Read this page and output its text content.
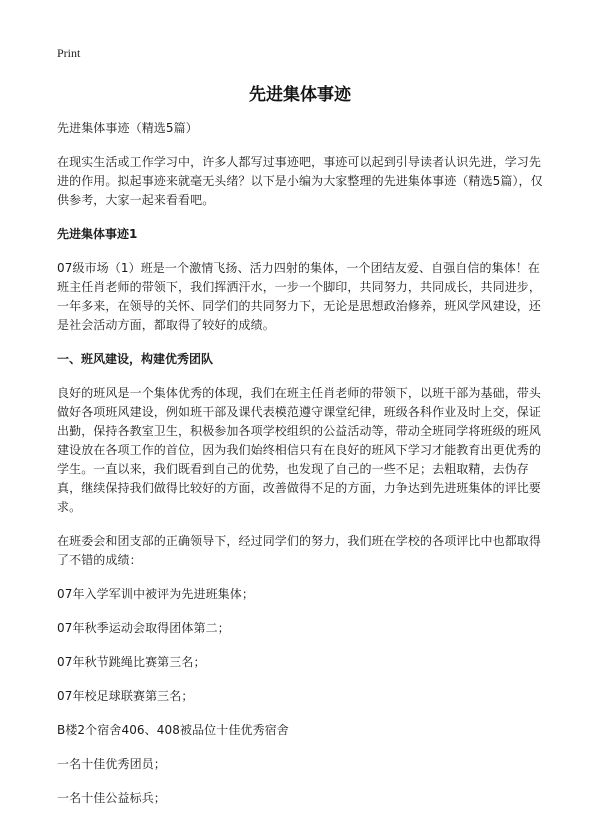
Print
先进集体事迹

先进集体事迹（精选5篇）

在现实生活或工作学习中，许多人都写过事迹吧，事迹可以起到引导读者认识先进，学习先进的作用。拟起事迹来就毫无头绪？以下是小编为大家整理的先进集体事迹（精选5篇），仅供参考，大家一起来看看吧。

先进集体事迹1

07级市场（1）班是一个激情飞扬、活力四射的集体，一个团结友爱、自强自信的集体！在班主任肖老师的带领下，我们挥洒汗水，一步一个脚印，共同努力，共同成长，共同进步，一年多来，在领导的关怀、同学们的共同努力下，无论是思想政治修养，班风学风建设，还是社会活动方面，都取得了较好的成绩。

一、班风建设，构建优秀团队

良好的班风是一个集体优秀的体现，我们在班主任肖老师的带领下，以班干部为基础，带头做好各项班风建设，例如班干部及课代表模范遵守课堂纪律，班级各科作业及时上交，保证出勤，保持各教室卫生，积极参加各项学校组织的公益活动等，带动全班同学将班级的班风建设放在各项工作的首位，因为我们始终相信只有在良好的班风下学习才能教育出更优秀的学生。一直以来，我们既看到自己的优势，也发现了自己的一些不足；去粗取精，去伪存真，继续保持我们做得比较好的方面，改善做得不足的方面，力争达到先进班集体的评比要求。

在班委会和团支部的正确领导下，经过同学们的努力，我们班在学校的各项评比中也都取得了不错的成绩：

07年入学军训中被评为先进班集体；

07年秋季运动会取得团体第二；

07年秋节跳绳比赛第三名；

07年校足球联赛第三名；

B楼2个宿舍406、408被品位十佳优秀宿舍

一名十佳优秀团员；

一名十佳公益标兵；
